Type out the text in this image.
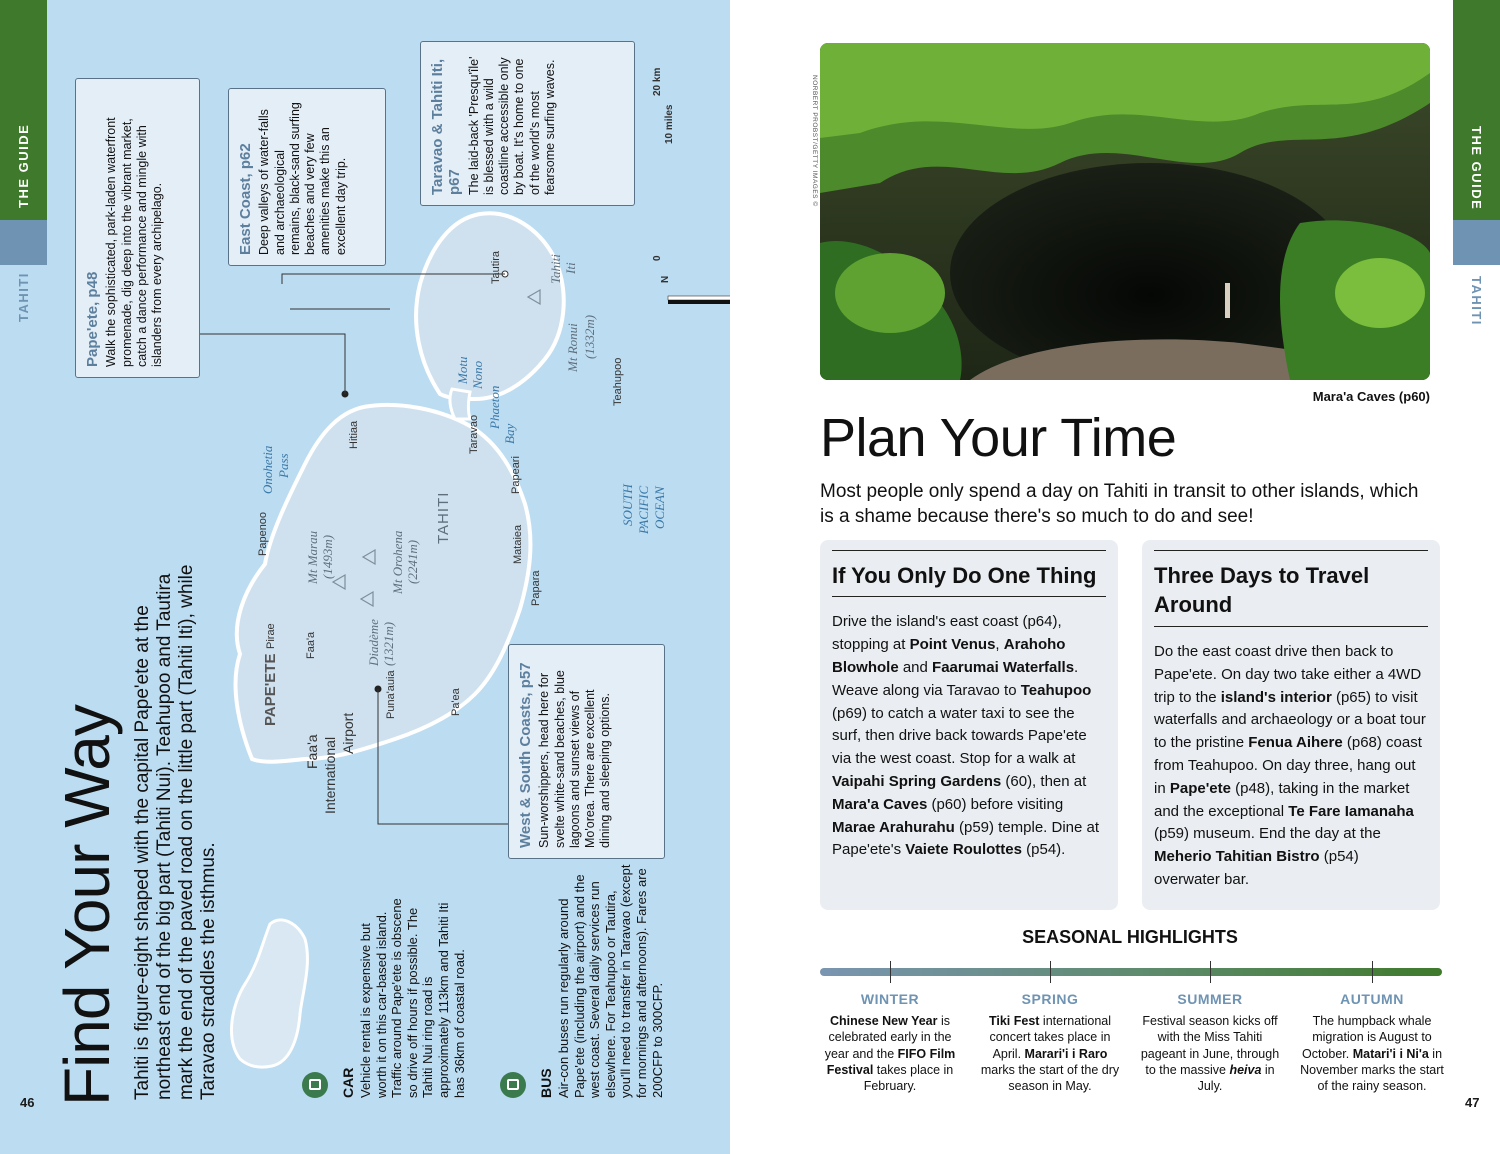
THE GUIDE
TAHITI
46 Find Your Way Tahiti is figure-eight shaped with the capital Pape'ete at the northeast end of the big part (Tahiti Nui). Teahupoo and Tautira mark the end of the paved road on the little part (Tahiti Iti), while Taravao straddles the isthmus.	CAR Vehicle rental is expensive but worth it on this car-based island. Traffic around Pape'ete is obscene so drive off hours if possible. The Tahiti Nui ring road is approximately 113km and Tahiti Iti has 36km of coastal road.	BUS Air-con buses run regularly around Pape'ete (including the airport) and the west coast. Several daily services run elsewhere. For Teahupoo or Tautira, you'll need to transfer in Taravao (except for mornings and afternoons). Fares are 200CFP to 300CFP.
PAPE'ETE
Faa'a International
Airport
Faa'a
Pirae
Papenoo
Onohetia Pass
Hitiaa
Mt Marau (1493m)	Mt Orohena (2241m)
Diadème (1321m)
TAHITI
Puna'auia	Pa'ea
Papara
Mataiea
Papeari
Taravao
Phaeton
Bay
Motu Nono	Teahupoo
Mt Ronui (1332m)
Tahiti Iti
Tautira
SOUTH PACIFIC OCEAN
0
20 km
10 miles
N
Pape'ete, p48 Walk the sophisticated, park-laden waterfront promenade, dig deep into the vibrant market, catch a dance performance and mingle with islanders from every archipelago.	East Coast, p62 Deep valleys of water-falls and archaeological remains, black-sand surfing beaches and very few amenities make this an excellent day trip.
Taravao & Tahiti Iti, p67 The laid-back 'Presqu'île' is blessed with a wild coastline accessible only by boat. It's home to one of the world's most fearsome surfing waves.
West & South Coasts, p57 Sun-worshippers, head here for svelte white-sand beaches, blue lagoons and sunset views of Mo'orea. There are excellent dining and sleeping options.
THE GUIDE
TAHITI
47
NORBERT PROBST/GETTY IMAGES ©
Mara'a Caves (p60)
Plan Your Time
Most people only spend a day on Tahiti in transit to other islands, which is a shame because there's so much to do and see!
If You Only Do One Thing
Drive the island's east coast (p64), stopping at Point Venus, Arahoho Blowhole and Faarumai Waterfalls. Weave along via Taravao to Teahupoo (p69) to catch a water taxi to see the surf, then drive back towards Pape'ete via the west coast. Stop for a walk at Vaipahi Spring Gardens (60), then at Mara'a Caves (p60) before visiting Marae Arahurahu (p59) temple. Dine at Pape'ete's Vaiete Roulottes (p54).
Three Days to Travel Around
Do the east coast drive then back to Pape'ete. On day two take either a 4WD trip to the island's interior (p65) to visit waterfalls and archaeology or a boat tour to the pristine Fenua Aihere (p68) coast from Teahupoo. On day three, hang out in Pape'ete (p48), taking in the market and the exceptional Te Fare Iamanaha (p59) museum. End the day at the Meherio Tahitian Bistro (p54) overwater bar.
SEASONAL HIGHLIGHTS
WINTER	SPRING	SUMMER	AUTUMN
Chinese New Year is celebrated early in the year and the FIFO Film Festival takes place in February.
Tiki Fest international concert takes place in April. Marari'i i Raro marks the start of the dry season in May.
Festival season kicks off with the Miss Tahiti pageant in June, through to the massive heiva in July.
The humpback whale migration is August to October. Matari'i i Ni'a in November marks the start of the rainy season.
